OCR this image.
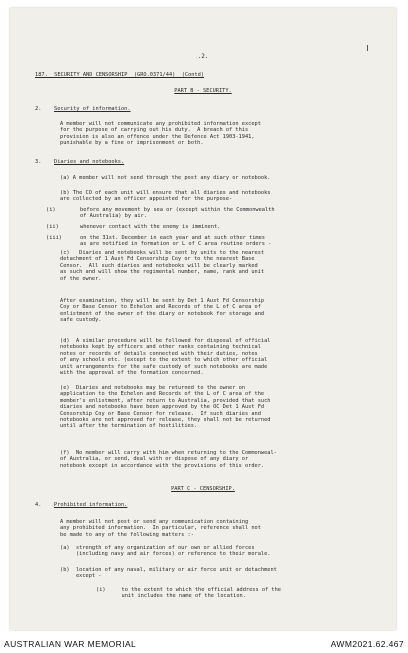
.2.
187.  SECURITY AND CENSORSHIP  (GRO.0371/44)  (Contd)
PART B - SECURITY.
2. Security of information.
A member will not communicate any prohibited information except
for the purpose of carrying out his duty.  A breach of this
provision is also an offence under the Defence Act 1903-1941,
punishable by a fine or imprisonment or both.
3. Diaries and notebooks.
(a) A member will not send through the post any diary or notebook.
(b) The CO of each unit will ensure that all diaries and notebooks
are collected by an officer appointed for the purpose-
(i)	before any movement by sea or (except within the Commonwealth
of Australia) by air.
(ii)	whenever contact with the enemy is imminent.
(iii)	on the 31st. December in each year and at such other times
as are notified in formation or L of C area routine orders -
(c)   Diaries and notebooks will be sent by units to the nearest
detachment of 1 Aust Fd Censorship Coy or to the nearest Base
Censor.  All such diaries and notebooks will be clearly marked
as such and will show the regimental number, name, rank and unit
of the owner.
After examination, they will be sent by Det 1 Aust Fd Censorship
Coy or Base Censor to Echelon and Records of the L of C area of
enlistment of the owner of the diary or notebook for storage and
safe custody.
(d)  A similar procedure will be followed for disposal of official
notebooks kept by officers and other ranks containing technical
notes or records of details connected with their duties, notes
of any schools etc. (except to the extent to which other official
unit arrangements for the safe custody of such notebooks are made
with the approval of the formation concerned.
(e)  Diaries and notebooks may be returned to the owner on
application to the Echelon and Records of the L of C area of the
member's enlistment, after return to Australia, provided that such
diaries and notebooks have been approved by the OC Det 1 Aust Fd
Censorship Coy or Base Censor for release.  If such diaries and
notebooks are not approved for release, they shall not be returned
until after the termination of hostilities.
(f)  No member will carry with him when returning to the Commonweal-
of Australia, or send, deal with or dispose of any diary or
notebook except in accordance with the provisions of this order.
PART C - CENSORSHIP.
4. Prohibited information.
A member will not post or send any communication containing
any prohibited information.  In particular, reference shall not
be made to any of the following matters :-
(a)  strength of any organization of our own or allied forces
(including navy and air forces) or reference to their morale.
(b)  location of any naval, military or air force unit or detachment
except -
(i)     to the extent to which the official address of the
unit includes the name of the location.
AUSTRALIAN WAR MEMORIAL	AWM2021.62.467
